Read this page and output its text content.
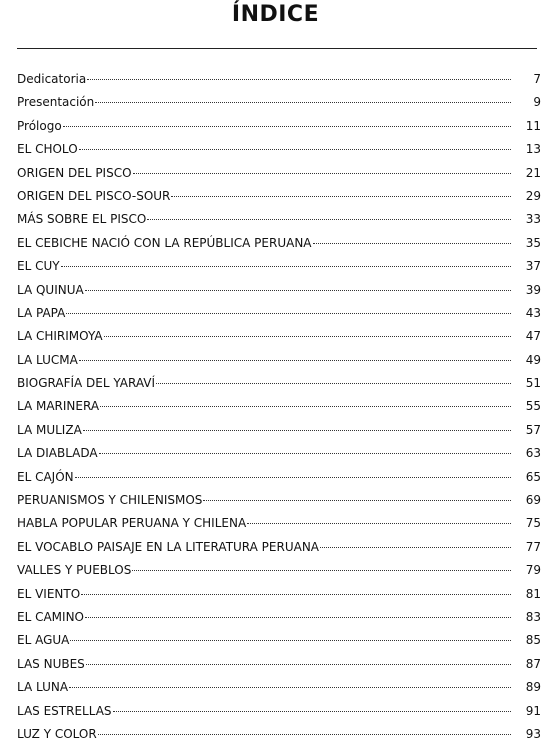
ÍNDICE
Dedicatoria	7
Presentación	9
Prólogo	11
EL CHOLO	13
ORIGEN DEL PISCO	21
ORIGEN DEL PISCO-SOUR	29
MÁS SOBRE EL PISCO	33
EL CEBICHE NACIÓ CON LA REPÚBLICA PERUANA	35
EL CUY	37
LA QUINUA	39
LA PAPA	43
LA CHIRIMOYA	47
LA LUCMA	49
BIOGRAFÍA DEL YARAVÍ	51
LA MARINERA	55
LA MULIZA	57
LA DIABLADA	63
EL CAJÓN	65
PERUANISMOS Y CHILENISMOS	69
HABLA POPULAR PERUANA Y CHILENA	75
EL VOCABLO PAISAJE EN LA LITERATURA PERUANA	77
VALLES Y PUEBLOS	79
EL VIENTO	81
EL CAMINO	83
EL AGUA	85
LAS NUBES	87
LA LUNA	89
LAS ESTRELLAS	91
LUZ Y COLOR	93
